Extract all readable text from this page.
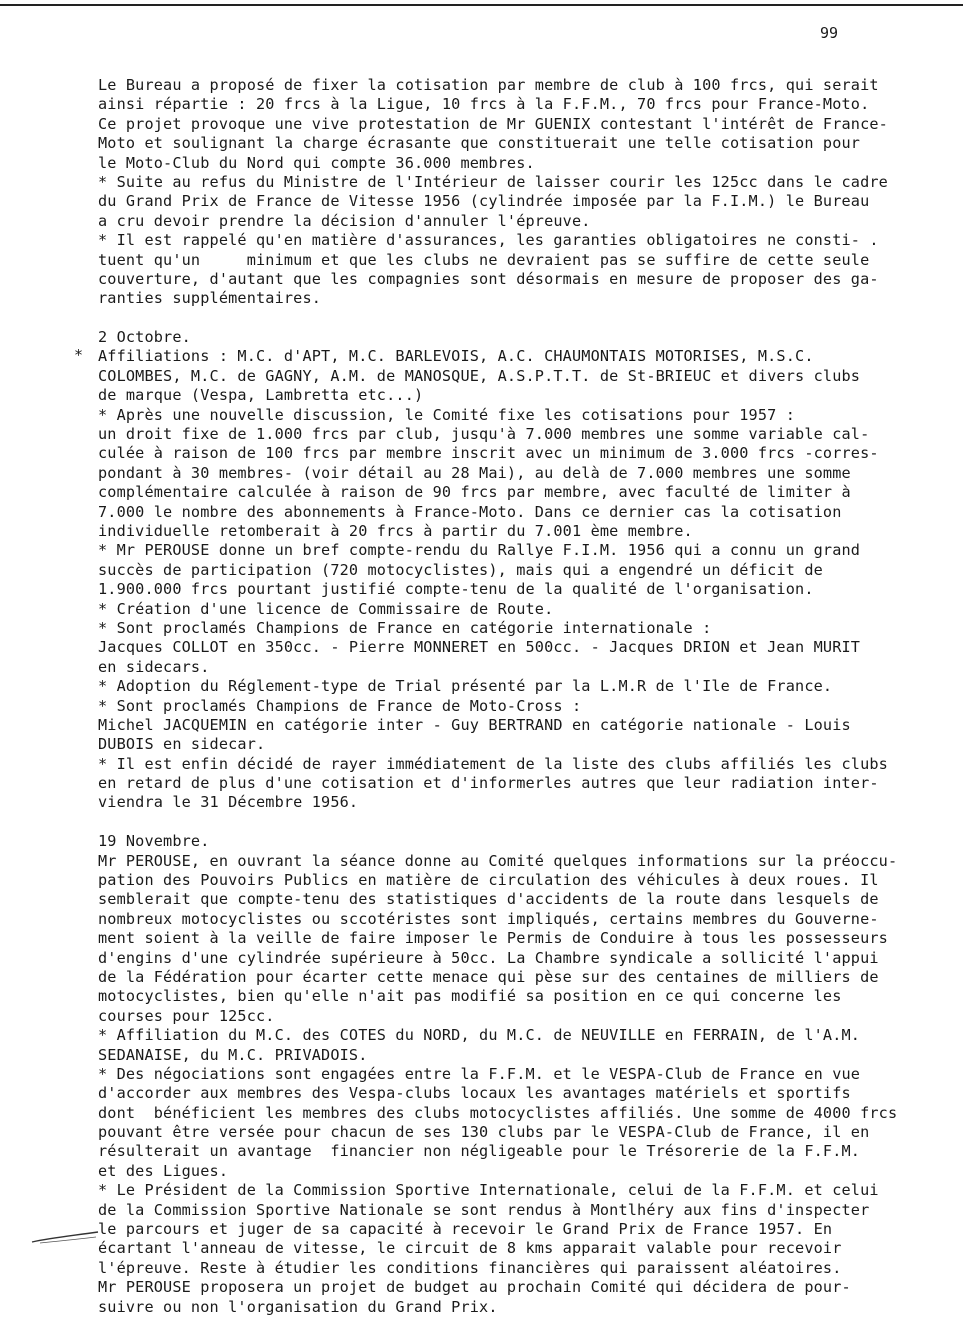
99
*
Le Bureau a proposé de fixer la cotisation par membre de club à 100 frcs, qui serait
ainsi répartie : 20 frcs à la Ligue, 10 frcs à la F.F.M., 70 frcs pour France-Moto.
Ce projet provoque une vive protestation de Mr GUENIX contestant l'intérêt de France-
Moto et soulignant la charge écrasante que constituerait une telle cotisation pour
le Moto-Club du Nord qui compte 36.000 membres.
* Suite au refus du Ministre de l'Intérieur de laisser courir les 125cc dans le cadre
du Grand Prix de France de Vitesse 1956 (cylindrée imposée par la F.I.M.) le Bureau
a cru devoir prendre la décision d'annuler l'épreuve.
* Il est rappelé qu'en matière d'assurances, les garanties obligatoires ne consti- .
tuent qu'un     minimum et que les clubs ne devraient pas se suffire de cette seule
couverture, d'autant que les compagnies sont désormais en mesure de proposer des ga-
ranties supplémentaires.
2 Octobre.
Affiliations : M.C. d'APT, M.C. BARLEVOIS, A.C. CHAUMONTAIS MOTORISES, M.S.C.
COLOMBES, M.C. de GAGNY, A.M. de MANOSQUE, A.S.P.T.T. de St-BRIEUC et divers clubs
de marque (Vespa, Lambretta etc...)
* Après une nouvelle discussion, le Comité fixe les cotisations pour 1957 :
un droit fixe de 1.000 frcs par club, jusqu'à 7.000 membres une somme variable cal-
culée à raison de 100 frcs par membre inscrit avec un minimum de 3.000 frcs -corres-
pondant à 30 membres- (voir détail au 28 Mai), au delà de 7.000 membres une somme
complémentaire calculée à raison de 90 frcs par membre, avec faculté de limiter à
7.000 le nombre des abonnements à France-Moto. Dans ce dernier cas la cotisation
individuelle retomberait à 20 frcs à partir du 7.001 ème membre.
* Mr PEROUSE donne un bref compte-rendu du Rallye F.I.M. 1956 qui a connu un grand
succès de participation (720 motocyclistes), mais qui a engendré un déficit de
1.900.000 frcs pourtant justifié compte-tenu de la qualité de l'organisation.
* Création d'une licence de Commissaire de Route.
* Sont proclamés Champions de France en catégorie internationale :
Jacques COLLOT en 350cc. - Pierre MONNERET en 500cc. - Jacques DRION et Jean MURIT
en sidecars.
* Adoption du Réglement-type de Trial présenté par la L.M.R de l'Ile de France.
* Sont proclamés Champions de France de Moto-Cross :
Michel JACQUEMIN en catégorie inter - Guy BERTRAND en catégorie nationale - Louis
DUBOIS en sidecar.
* Il est enfin décidé de rayer immédiatement de la liste des clubs affiliés les clubs
en retard de plus d'une cotisation et d'informerles autres que leur radiation inter-
viendra le 31 Décembre 1956.
19 Novembre.
Mr PEROUSE, en ouvrant la séance donne au Comité quelques informations sur la préoccu-
pation des Pouvoirs Publics en matière de circulation des véhicules à deux roues. Il
semblerait que compte-tenu des statistiques d'accidents de la route dans lesquels de
nombreux motocyclistes ou sccotéristes sont impliqués, certains membres du Gouverne-
ment soient à la veille de faire imposer le Permis de Conduire à tous les possesseurs
d'engins d'une cylindrée supérieure à 50cc. La Chambre syndicale a sollicité l'appui
de la Fédération pour écarter cette menace qui pèse sur des centaines de milliers de
motocyclistes, bien qu'elle n'ait pas modifié sa position en ce qui concerne les
courses pour 125cc.
* Affiliation du M.C. des COTES du NORD, du M.C. de NEUVILLE en FERRAIN, de l'A.M.
SEDANAISE, du M.C. PRIVADOIS.
* Des négociations sont engagées entre la F.F.M. et le VESPA-Club de France en vue
d'accorder aux membres des Vespa-clubs locaux les avantages matériels et sportifs
dont  bénéficient les membres des clubs motocyclistes affiliés. Une somme de 4000 frcs
pouvant être versée pour chacun de ses 130 clubs par le VESPA-Club de France, il en
résulterait un avantage  financier non négligeable pour le Trésorerie de la F.F.M.
et des Ligues.
* Le Président de la Commission Sportive Internationale, celui de la F.F.M. et celui
de la Commission Sportive Nationale se sont rendus à Montlhéry aux fins d'inspecter
le parcours et juger de sa capacité à recevoir le Grand Prix de France 1957. En
écartant l'anneau de vitesse, le circuit de 8 kms apparait valable pour recevoir
l'épreuve. Reste à étudier les conditions financières qui paraissent aléatoires.
Mr PEROUSE proposera un projet de budget au prochain Comité qui décidera de pour-
suivre ou non l'organisation du Grand Prix.
